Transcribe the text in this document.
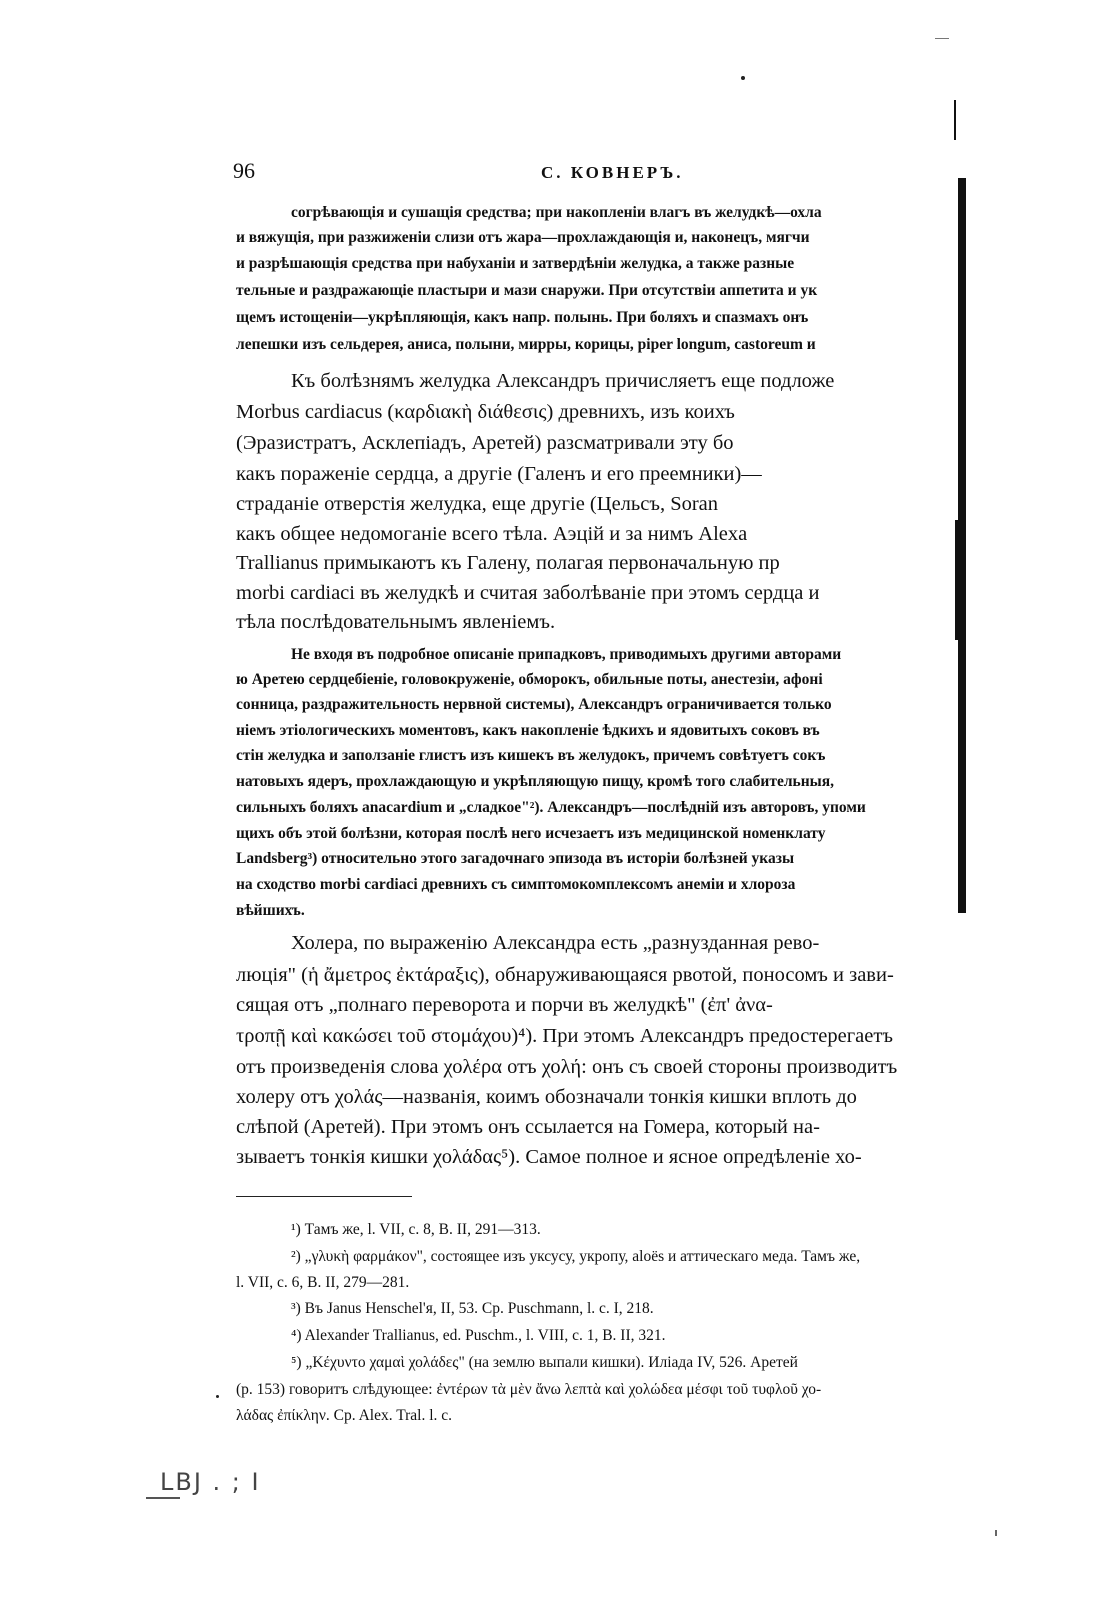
96	С. КОВНЕРЪ.
согрѣвающія и сушащія средства; при накопленіи влагъ въ желудкѣ—охла
и вяжущія, при разжиженіи слизи отъ жара—прохлаждающія и, наконецъ, мягчи
и разрѣшающія средства при набуханіи и затвердѣніи желудка, а также разные
тельные и раздражающіе пластыри и мази снаружи. При отсутствіи аппетита и ук
щемъ истощеніи—укрѣпляющія, какъ напр. полынь. При боляхъ и спазмахъ онъ
лепешки изъ сельдерея, аниса, полыни, мирры, корицы, piper longum, castoreum и
Къ болѣзнямъ желудка Александръ причисляетъ еще подложе
Morbus cardiacus (καρδιακὴ διάθεσις) древнихъ, изъ коихъ
(Эразистратъ, Асклепіадъ, Аретей) разсматривали эту бо
какъ пораженіе сердца, а другіе (Галенъ и его преемники)—
страданіе отверстія желудка, еще другіе (Цельсъ, Soran
какъ общее недомоганіе всего тѣла. Аэцій и за нимъ Alexa
Trallianus примыкаютъ къ Галену, полагая первоначальную пр
morbi cardiaci въ желудкѣ и считая заболѣваніе при этомъ сердца и
тѣла послѣдовательнымъ явленіемъ.
Не входя въ подробное описаніе припадковъ, приводимыхъ другими авторами
ю Аретею сердцебіеніе, головокруженіе, обморокъ, обильные поты, анестезіи, афоні
сонница, раздражительность нервной системы), Александръ ограничивается только
ніемъ этіологическихъ моментовъ, какъ накопленіе ѣдкихъ и ядовитыхъ соковъ въ
стін желудка и заползаніе глистъ изъ кишекъ въ желудокъ, причемъ совѣтуетъ сокъ
натовыхъ ядеръ, прохлаждающую и укрѣпляющую пищу, кромѣ того слабительныя,
сильныхъ боляхъ anacardium и „сладкое"²). Александръ—послѣдній изъ авторовъ, упоми
щихъ объ этой болѣзни, которая послѣ него исчезаетъ изъ медицинской номенклату
Landsberg³) относительно этого загадочнаго эпизода въ исторіи болѣзней указы
на сходство morbi cardiaci древнихъ съ симптомокомплексомъ анеміи и хлороза
вѣйшихъ.
Холера, по выраженію Александра есть „разнузданная рево-
люція" (ἡ ἄμετρος ἐκτάραξις), обнаруживающаяся рвотой, поносомъ и зави-
сящая отъ „полнаго переворота и порчи въ желудкѣ" (ἐπ' ἀνα-
τροπῇ καὶ κακώσει τοῦ στομάχου)⁴). При этомъ Александръ предостерегаетъ
отъ произведенія слова χολέρα отъ χολή: онъ съ своей стороны производитъ
холеру отъ χολάς—названія, коимъ обозначали тонкія кишки вплоть до
слѣпой (Аретей). При этомъ онъ ссылается на Гомера, который на-
зываетъ тонкія кишки χολάδας⁵). Самое полное и ясное опредѣленіе хо-
¹) Тамъ же, l. VII, c. 8, B. II, 291—313.
²) „γλυκὴ φαρμάκον", состоящее изъ уксусу, укропу, aloës и аттическаго меда. Тамъ же,
l. VII, c. 6, B. II, 279—281.
³) Въ Janus Henschel'я, II, 53. Cp. Puschmann, l. c. I, 218.
⁴) Alexander Trallianus, ed. Puschm., l. VIII, c. 1, B. II, 321.
⁵) „Κέχυντο χαμαὶ χολάδες" (на землю выпали кишки). Иліада IV, 526. Аретей
(p. 153) говоритъ слѣдующее: ἐντέρων τὰ μὲν ἄνω λεπτὰ καὶ χολώδεα μέσφι τοῦ τυφλοῦ χο-
λάδας ἐπίκλην. Cp. Alex. Tral. l. c.
LBJ . ; I
